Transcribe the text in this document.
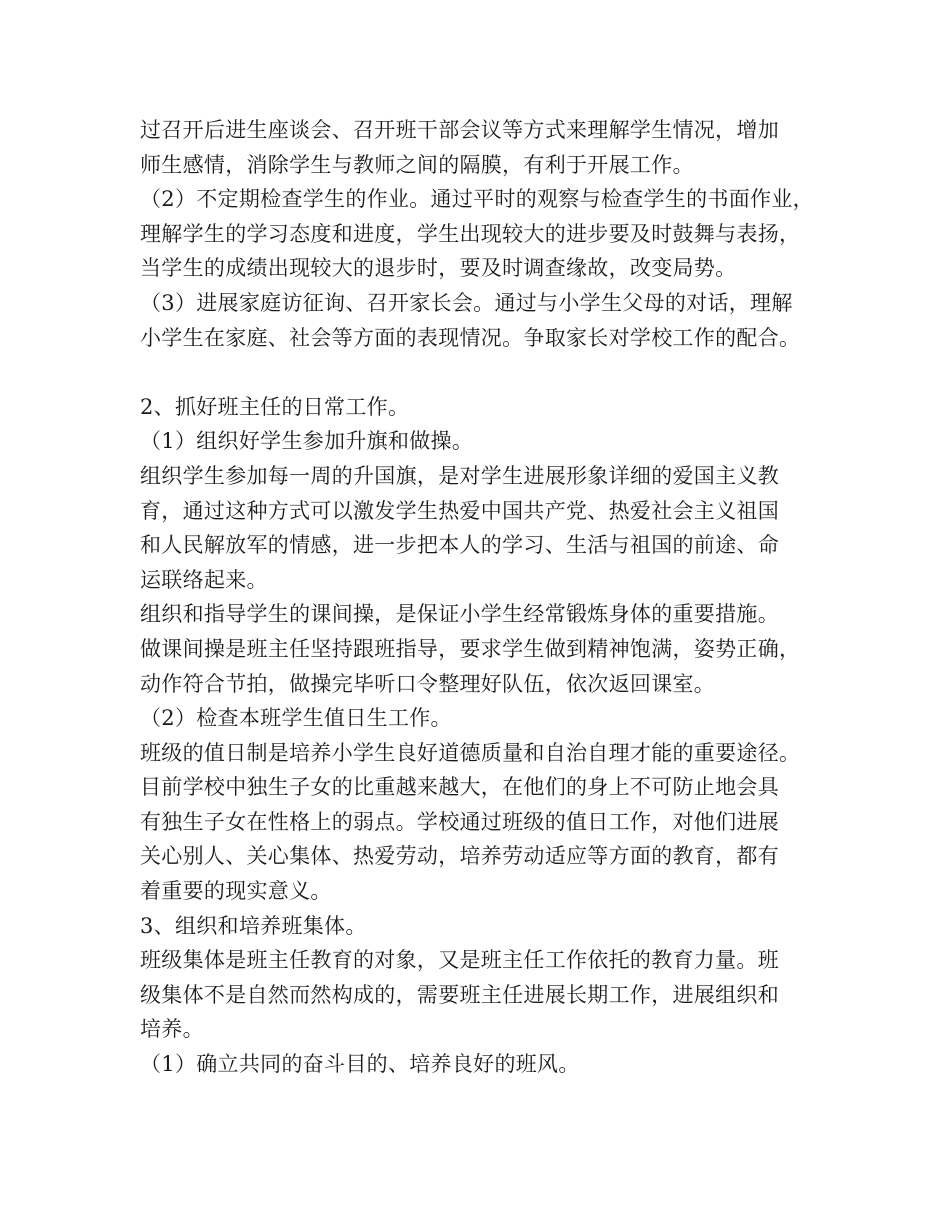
过召开后进生座谈会、召开班干部会议等方式来理解学生情况，增加
师生感情，消除学生与教师之间的隔膜，有利于开展工作。
（2）不定期检查学生的作业。通过平时的观察与检查学生的书面作业，
理解学生的学习态度和进度，学生出现较大的进步要及时鼓舞与表扬，
当学生的成绩出现较大的退步时，要及时调查缘故，改变局势。
（3）进展家庭访征询、召开家长会。通过与小学生父母的对话，理解
小学生在家庭、社会等方面的表现情况。争取家长对学校工作的配合。
2、抓好班主任的日常工作。
（1）组织好学生参加升旗和做操。
组织学生参加每一周的升国旗，是对学生进展形象详细的爱国主义教
育，通过这种方式可以激发学生热爱中国共产党、热爱社会主义祖国
和人民解放军的情感，进一步把本人的学习、生活与祖国的前途、命
运联络起来。
组织和指导学生的课间操，是保证小学生经常锻炼身体的重要措施。
做课间操是班主任坚持跟班指导，要求学生做到精神饱满，姿势正确，
动作符合节拍，做操完毕听口令整理好队伍，依次返回课室。
（2）检查本班学生值日生工作。
班级的值日制是培养小学生良好道德质量和自治自理才能的重要途径。
目前学校中独生子女的比重越来越大，在他们的身上不可防止地会具
有独生子女在性格上的弱点。学校通过班级的值日工作，对他们进展
关心别人、关心集体、热爱劳动，培养劳动适应等方面的教育，都有
着重要的现实意义。
3、组织和培养班集体。
班级集体是班主任教育的对象，又是班主任工作依托的教育力量。班
级集体不是自然而然构成的，需要班主任进展长期工作，进展组织和
培养。
（1）确立共同的奋斗目的、培养良好的班风。
